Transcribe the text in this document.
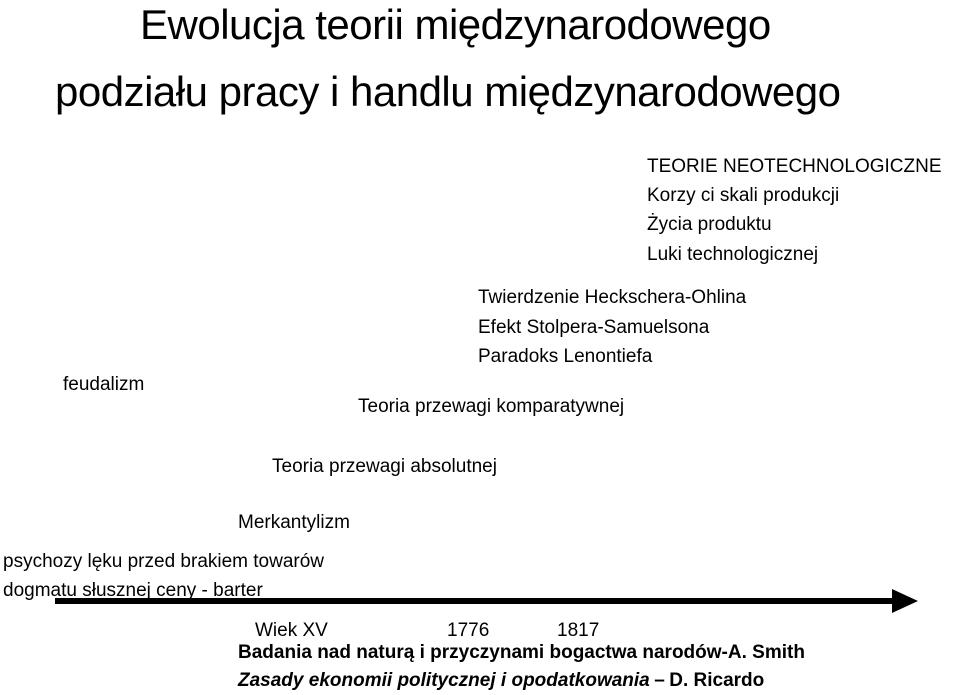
Ewolucja teorii międzynarodowego
podziału pracy i handlu międzynarodowego
TEORIE NEOTECHNOLOGICZNE
Korzy ci skali produkcji
Życia produktu
Luki technologicznej
Twierdzenie Heckschera-Ohlina
Efekt Stolpera-Samuelsona
Paradoks Lenontiefa
feudalizm
Teoria przewagi komparatywnej
Teoria przewagi absolutnej
Merkantylizm
psychozy lęku przed brakiem towarów
dogmatu słusznej ceny - barter
Wiek XV	1776	1817
Badania nad naturą i przyczynami bogactwa narodów-A. Smith
Zasady ekonomii politycznej i opodatkowania – D. Ricardo
